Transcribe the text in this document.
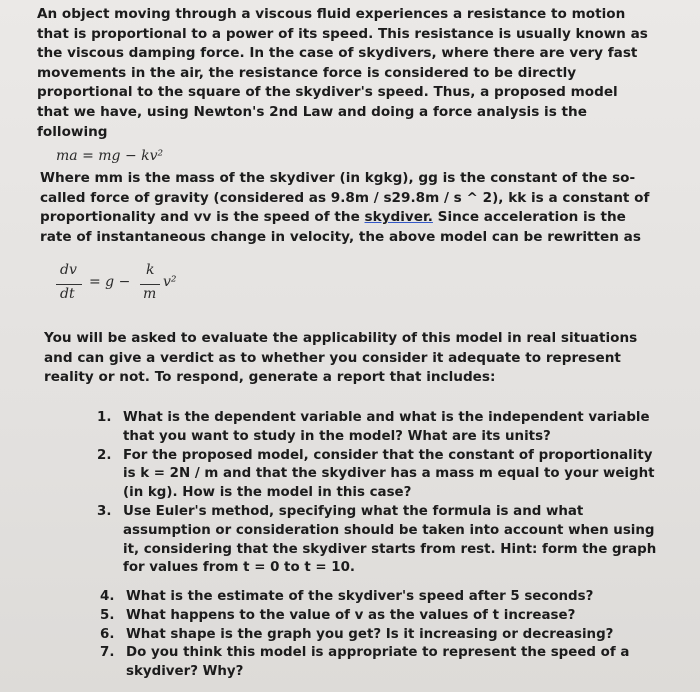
An object moving through a viscous fluid experiences a resistance to motion that is proportional to a power of its speed. This resistance is usually known as the viscous damping force. In the case of skydivers, where there are very fast movements in the air, the resistance force is considered to be directly proportional to the square of the skydiver's speed. Thus, a proposed model that we have, using Newton's 2nd Law and doing a force analysis is the following

ma = mg − kv²

Where mm is the mass of the skydiver (in kgkg), gg is the constant of the so-called force of gravity (considered as 9.8m / s29.8m / s ^ 2), kk is a constant of proportionality and vv is the speed of the skydiver. Since acceleration is the rate of instantaneous change in velocity, the above model can be rewritten as

dv
dt
= g −
k
m
v²

You will be asked to evaluate the applicability of this model in real situations and can give a verdict as to whether you consider it adequate to represent reality or not. To respond, generate a report that includes:

1. What is the dependent variable and what is the independent variable that you want to study in the model? What are its units?
2. For the proposed model, consider that the constant of proportionality is k = 2N / m and that the skydiver has a mass m equal to your weight (in kg). How is the model in this case?
3. Use Euler's method, specifying what the formula is and what assumption or consideration should be taken into account when using it, considering that the skydiver starts from rest. Hint: form the graph for values from t = 0 to t = 10.
4. What is the estimate of the skydiver's speed after 5 seconds?
5. What happens to the value of v as the values of t increase?
6. What shape is the graph you get? Is it increasing or decreasing?
7. Do you think this model is appropriate to represent the speed of a skydiver? Why?
